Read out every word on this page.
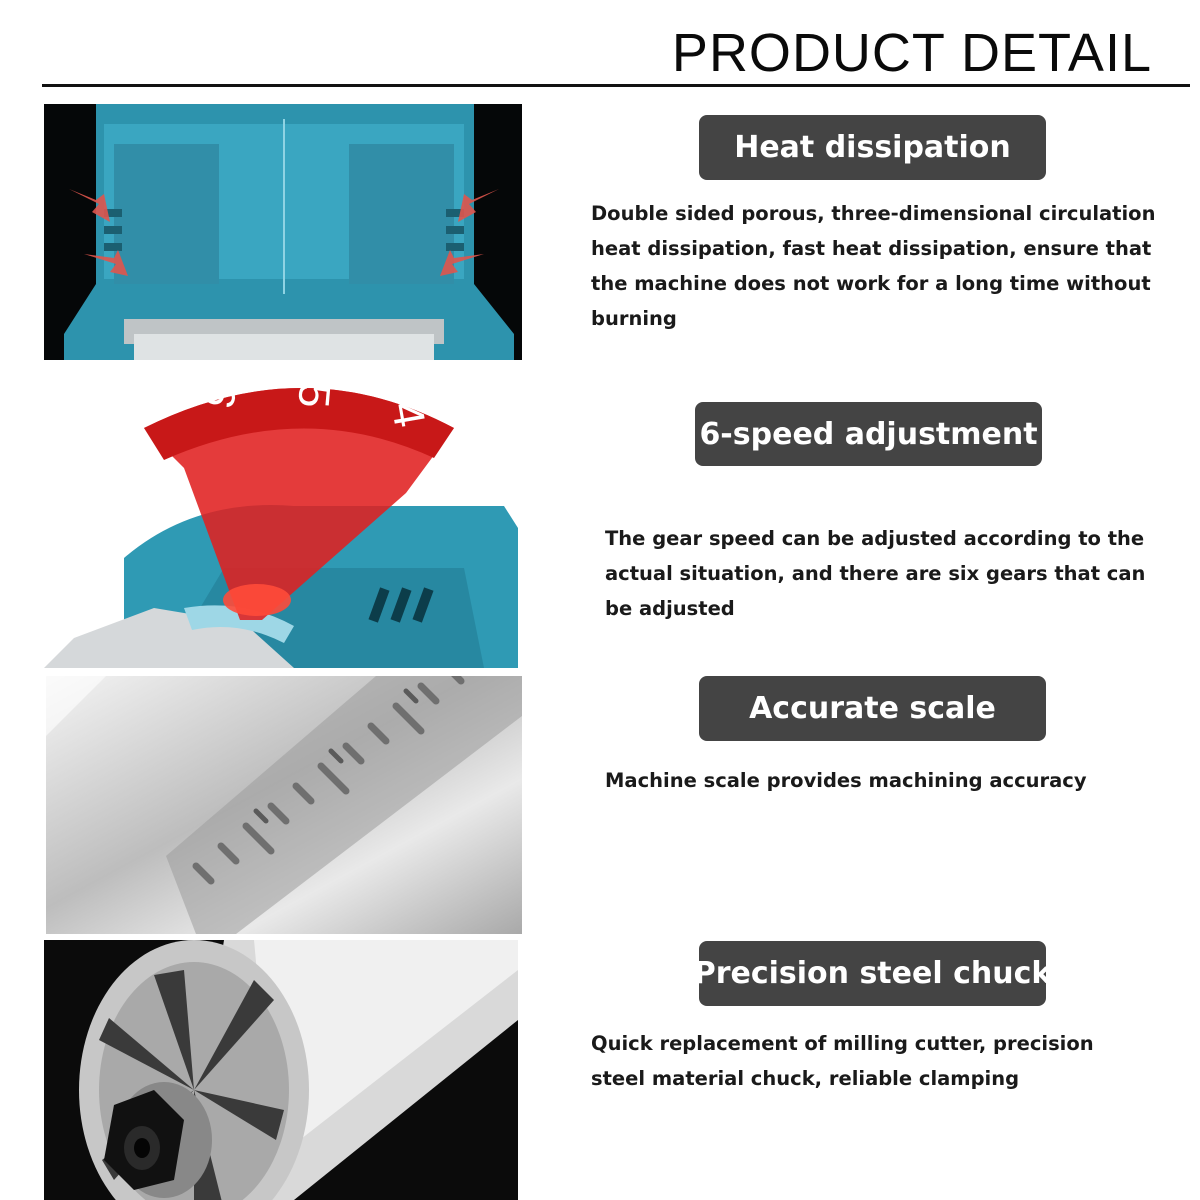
PRODUCT DETAIL
6 5
4
Heat dissipation

Double sided porous, three-dimensional circulation heat dissipation, fast heat dissipation, ensure that the machine does not work for a long time without burning

6-speed adjustment

The gear speed can be adjusted according to the actual situation, and there are six gears that can be adjusted

Accurate scale

Machine scale provides machining accuracy

Precision steel chuck

Quick replacement of milling cutter, precision steel material chuck, reliable clamping
